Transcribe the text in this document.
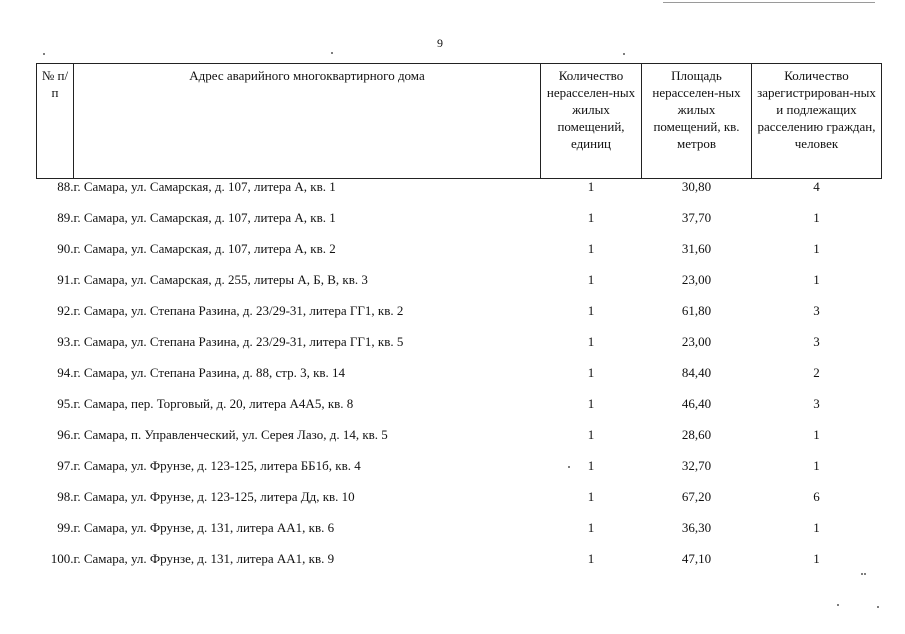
9
№ п/п	Адрес аварийного многоквартирного дома	Количество нерасселен-ных жилых помещений, единиц	Площадь нерасселен-ных жилых помещений, кв. метров	Количество зарегистрирован-ных и подлежащих расселению граждан, человек
88.	г. Самара, ул. Самарская, д. 107, литера А, кв. 1	1	30,80	4
89.	г. Самара, ул. Самарская, д. 107, литера А, кв. 1	1	37,70	1
90.	г. Самара, ул. Самарская, д. 107, литера А, кв. 2	1	31,60	1
91.	г. Самара, ул. Самарская, д. 255, литеры А, Б, В, кв. 3	1	23,00	1
92.	г. Самара, ул. Степана Разина, д. 23/29-31, литера ГГ1, кв. 2	1	61,80	3
93.	г. Самара, ул. Степана Разина, д. 23/29-31, литера ГГ1, кв. 5	1	23,00	3
94.	г. Самара, ул. Степана Разина, д. 88, стр. 3, кв. 14	1	84,40	2
95.	г. Самара, пер. Торговый, д. 20, литера А4А5, кв. 8	1	46,40	3
96.	г. Самара, п. Управленческий, ул. Серея Лазо, д. 14, кв. 5	1	28,60	1
97.	г. Самара, ул. Фрунзе, д. 123-125, литера ББ1б, кв. 4	1	32,70	1
98.	г. Самара, ул. Фрунзе, д. 123-125, литера Дд, кв. 10	1	67,20	6
99.	г. Самара, ул. Фрунзе, д. 131, литера АА1, кв. 6	1	36,30	1
100.	г. Самара, ул. Фрунзе, д. 131, литера АА1, кв. 9	1	47,10	1
